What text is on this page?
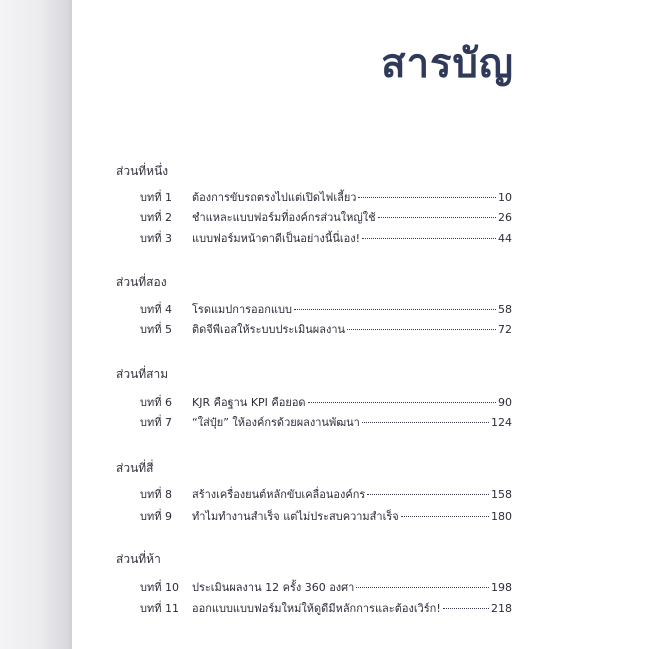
สารบัญ
ส่วนที่หนึ่ง
บทที่ 1	ต้องการขับรถตรงไปแต่เปิดไฟเลี้ยว	10
บทที่ 2	ชำแหละแบบฟอร์มที่องค์กรส่วนใหญ่ใช้	26
บทที่ 3	แบบฟอร์มหน้าตาดีเป็นอย่างนี้นี่เอง!	44
ส่วนที่สอง
บทที่ 4	โรดแมปการออกแบบ	58
บทที่ 5	ติดจีพีเอสให้ระบบประเมินผลงาน	72
ส่วนที่สาม
บทที่ 6	KJR คือฐาน KPI คือยอด	90
บทที่ 7	“ใส่ปุ๋ย” ให้องค์กรด้วยผลงานพัฒนา	124
ส่วนที่สี่
บทที่ 8	สร้างเครื่องยนต์หลักขับเคลื่อนองค์กร	158
บทที่ 9	ทำไมทำงานสำเร็จ แต่ไม่ประสบความสำเร็จ	180
ส่วนที่ห้า
บทที่ 10	ประเมินผลงาน 12 ครั้ง 360 องศา	198
บทที่ 11	ออกแบบแบบฟอร์มใหม่ให้ดูดีมีหลักการและต้องเวิร์ก!	218
